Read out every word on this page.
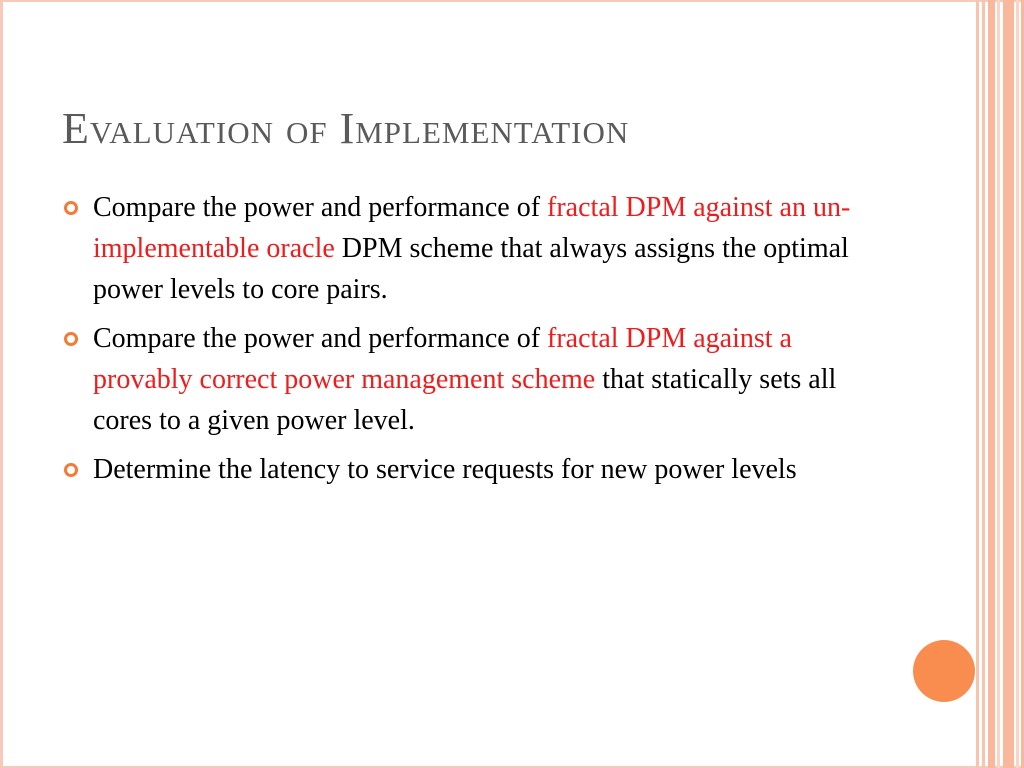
Evaluation of Implementation
Compare the power and performance of fractal DPM against an un-implementable oracle DPM scheme that always assigns the optimal power levels to core pairs.
Compare the power and performance of fractal DPM against a provably correct power management scheme that statically sets all cores to a given power level.
Determine the latency to service requests for new power levels
